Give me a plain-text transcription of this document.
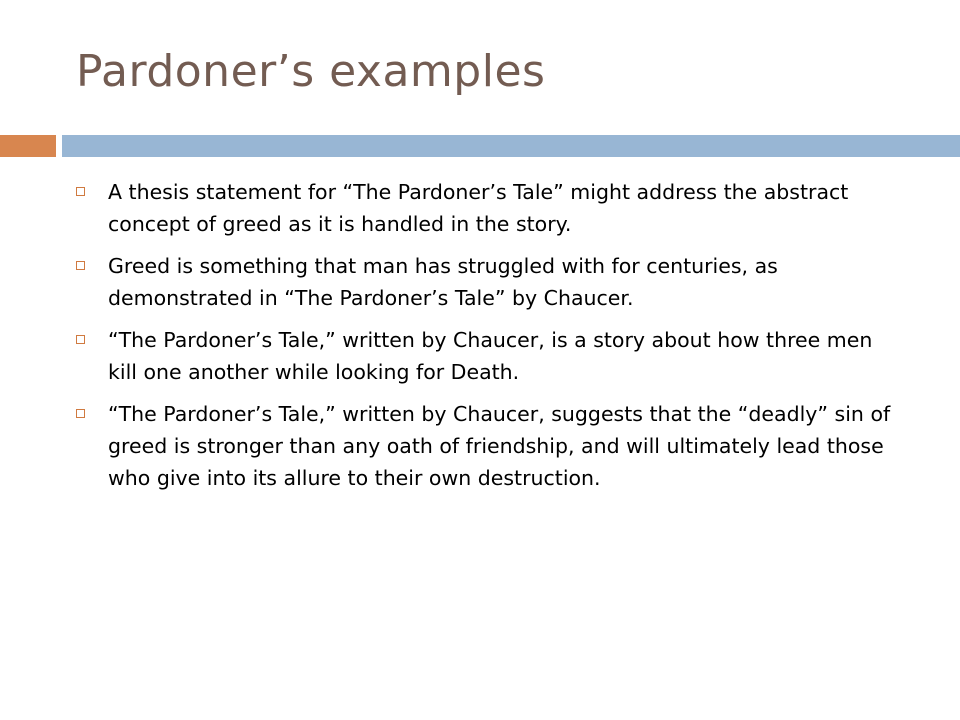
Pardoner’s examples
A thesis statement for “The Pardoner’s Tale” might address the abstract concept of greed as it is handled in the story.
Greed is something that man has struggled with for centuries, as demonstrated in “The Pardoner’s Tale” by Chaucer.
“The Pardoner’s Tale,” written by Chaucer, is a story about how three men kill one another while looking for Death.
“The Pardoner’s Tale,” written by Chaucer, suggests that the “deadly” sin of greed is stronger than any oath of friendship, and will ultimately lead those who give into its allure to their own destruction.
